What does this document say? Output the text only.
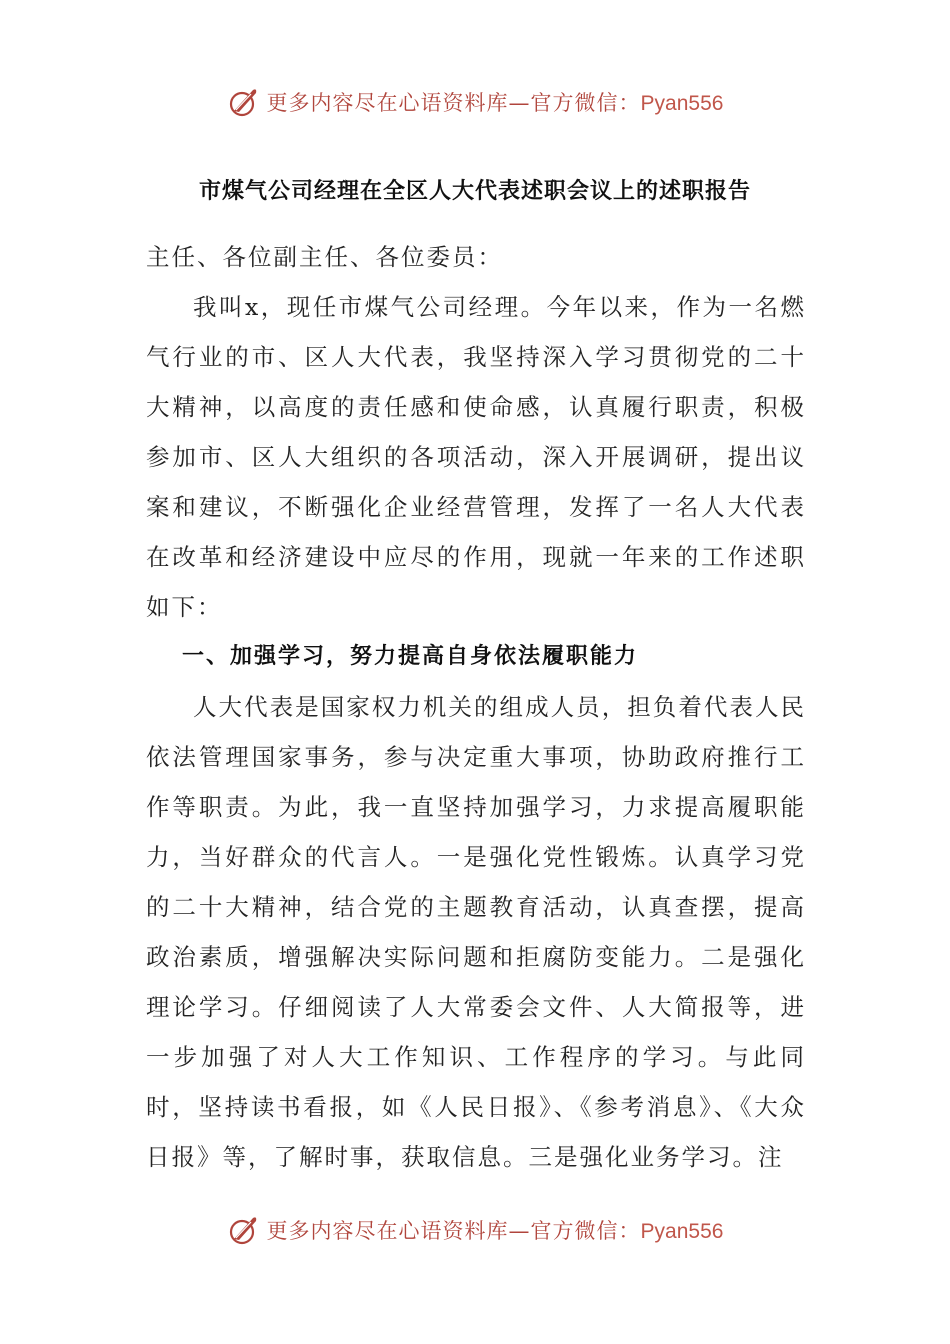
更多内容尽在心语资料库—官方微信：Pyan556
市煤气公司经理在全区人大代表述职会议上的述职报告

主任、各位副主任、各位委员：

我叫x，现任市煤气公司经理。今年以来，作为一名燃气行业的市、区人大代表，我坚持深入学习贯彻党的二十大精神，以高度的责任感和使命感，认真履行职责，积极参加市、区人大组织的各项活动，深入开展调研，提出议案和建议，不断强化企业经营管理，发挥了一名人大代表在改革和经济建设中应尽的作用，现就一年来的工作述职如下：

一、加强学习，努力提高自身依法履职能力

人大代表是国家权力机关的组成人员，担负着代表人民依法管理国家事务，参与决定重大事项，协助政府推行工作等职责。为此，我一直坚持加强学习，力求提高履职能力，当好群众的代言人。一是强化党性锻炼。认真学习党的二十大精神，结合党的主题教育活动，认真查摆，提高政治素质，增强解决实际问题和拒腐防变能力。二是强化理论学习。仔细阅读了人大常委会文件、人大简报等，进一步加强了对人大工作知识、工作程序的学习。与此同时，坚持读书看报，如《人民日报》、《参考消息》、《大众日报》等，了解时事，获取信息。三是强化业务学习。注

更多内容尽在心语资料库—官方微信：Pyan556
